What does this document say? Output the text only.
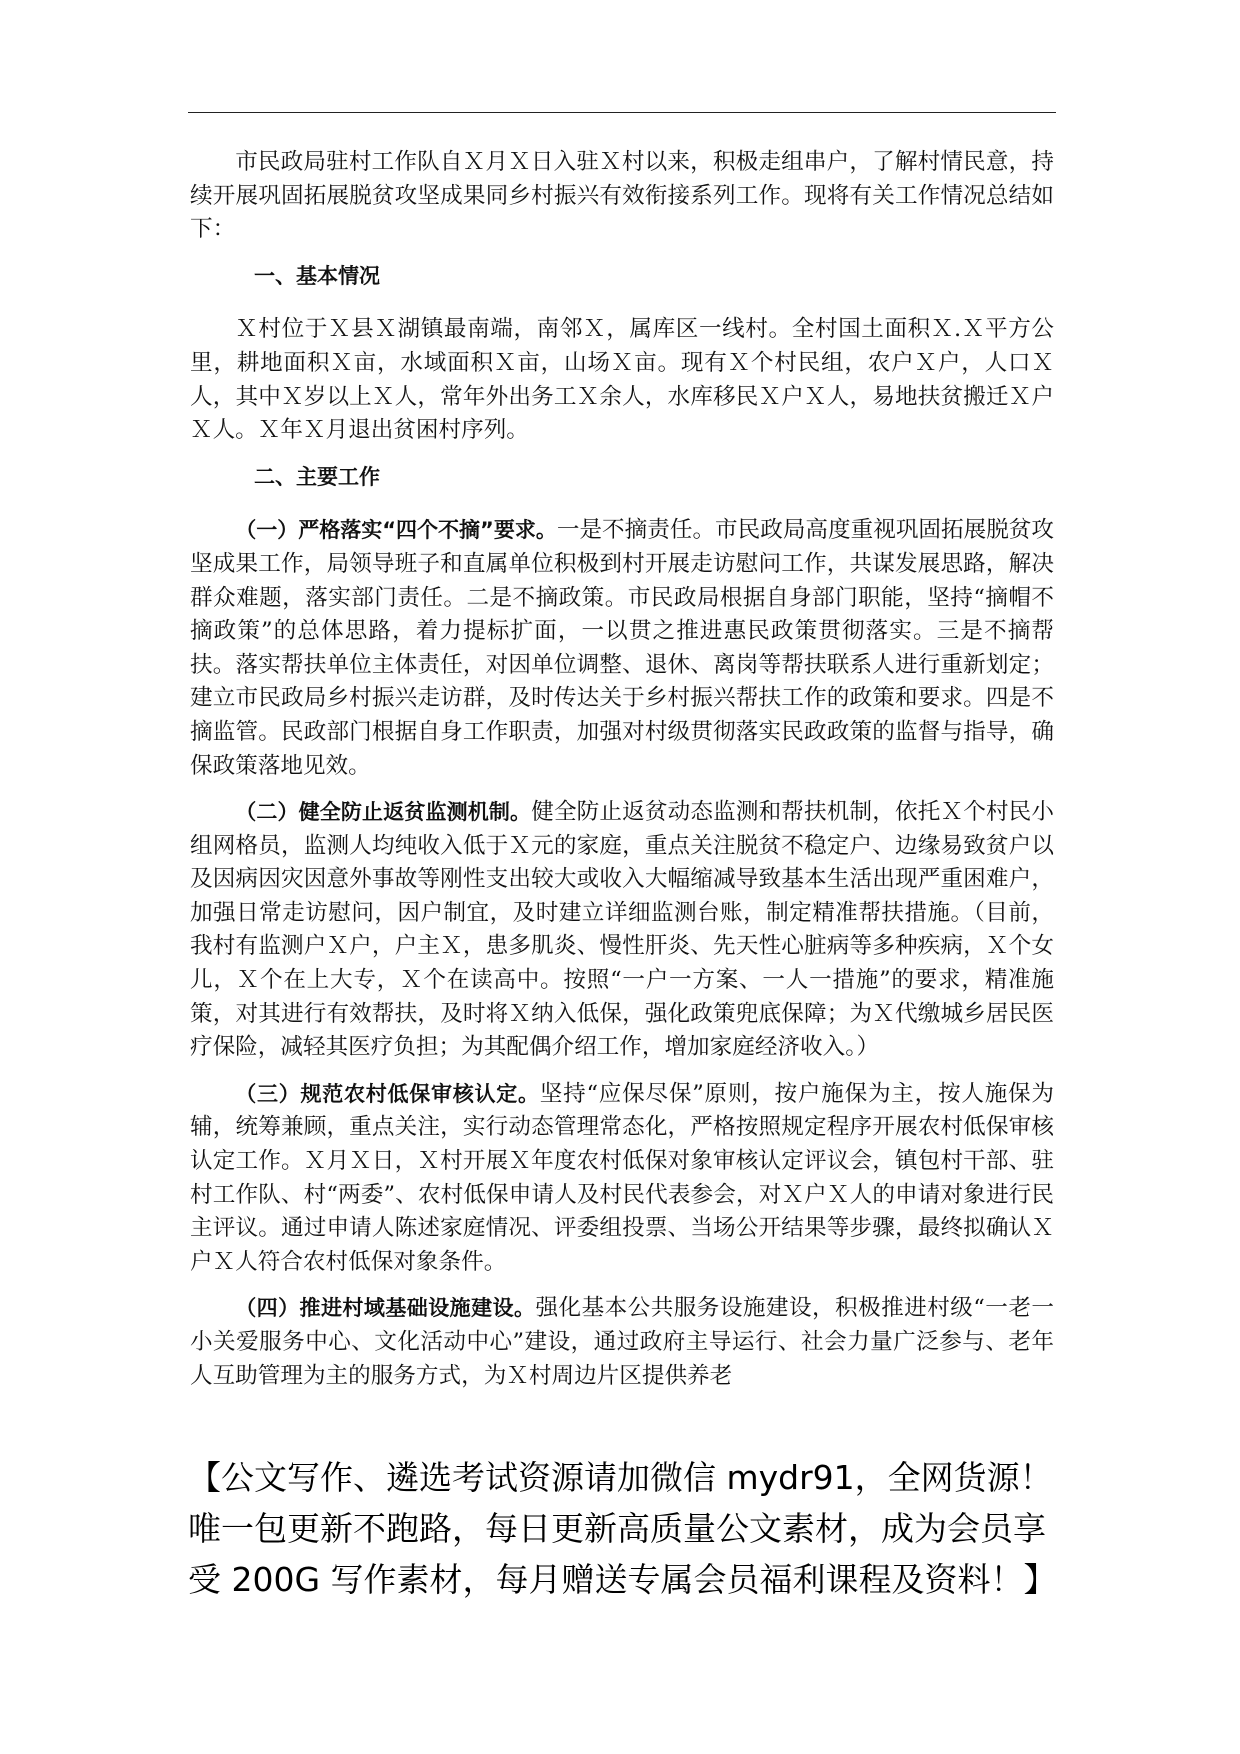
市民政局驻村工作队自Ｘ月Ｘ日入驻Ｘ村以来，积极走组串户，了解村情民意，持续开展巩固拓展脱贫攻坚成果同乡村振兴有效衔接系列工作。现将有关工作情况总结如下：

一、基本情况

Ｘ村位于Ｘ县Ｘ湖镇最南端，南邻Ｘ，属库区一线村。全村国土面积Ｘ.Ｘ平方公里，耕地面积Ｘ亩，水域面积Ｘ亩，山场Ｘ亩。现有Ｘ个村民组，农户Ｘ户，人口Ｘ人，其中Ｘ岁以上Ｘ人，常年外出务工Ｘ余人，水库移民Ｘ户Ｘ人，易地扶贫搬迁Ｘ户Ｘ人。Ｘ年Ｘ月退出贫困村序列。

二、主要工作

（一）严格落实“四个不摘”要求。一是不摘责任。市民政局高度重视巩固拓展脱贫攻坚成果工作，局领导班子和直属单位积极到村开展走访慰问工作，共谋发展思路，解决群众难题，落实部门责任。二是不摘政策。市民政局根据自身部门职能，坚持“摘帽不摘政策”的总体思路，着力提标扩面，一以贯之推进惠民政策贯彻落实。三是不摘帮扶。落实帮扶单位主体责任，对因单位调整、退休、离岗等帮扶联系人进行重新划定；建立市民政局乡村振兴走访群，及时传达关于乡村振兴帮扶工作的政策和要求。四是不摘监管。民政部门根据自身工作职责，加强对村级贯彻落实民政政策的监督与指导，确保政策落地见效。

（二）健全防止返贫监测机制。健全防止返贫动态监测和帮扶机制，依托Ｘ个村民小组网格员，监测人均纯收入低于Ｘ元的家庭，重点关注脱贫不稳定户、边缘易致贫户以及因病因灾因意外事故等刚性支出较大或收入大幅缩减导致基本生活出现严重困难户，加强日常走访慰问，因户制宜，及时建立详细监测台账，制定精准帮扶措施。（目前，我村有监测户Ｘ户，户主Ｘ，患多肌炎、慢性肝炎、先天性心脏病等多种疾病，Ｘ个女儿，Ｘ个在上大专，Ｘ个在读高中。按照“一户一方案、一人一措施”的要求，精准施策，对其进行有效帮扶，及时将Ｘ纳入低保，强化政策兜底保障；为Ｘ代缴城乡居民医疗保险，减轻其医疗负担；为其配偶介绍工作，增加家庭经济收入。）

（三）规范农村低保审核认定。坚持“应保尽保”原则，按户施保为主，按人施保为辅，统筹兼顾，重点关注，实行动态管理常态化，严格按照规定程序开展农村低保审核认定工作。Ｘ月Ｘ日，Ｘ村开展Ｘ年度农村低保对象审核认定评议会，镇包村干部、驻村工作队、村“两委”、农村低保申请人及村民代表参会，对Ｘ户Ｘ人的申请对象进行民主评议。通过申请人陈述家庭情况、评委组投票、当场公开结果等步骤，最终拟确认Ｘ户Ｘ人符合农村低保对象条件。

（四）推进村域基础设施建设。强化基本公共服务设施建设，积极推进村级“一老一小关爱服务中心、文化活动中心”建设，通过政府主导运行、社会力量广泛参与、老年人互助管理为主的服务方式，为Ｘ村周边片区提供养老

【公文写作、遴选考试资源请加微信 mydr91，全网货源！唯一包更新不跑路，每日更新高质量公文素材，成为会员享受 200G 写作素材，每月赠送专属会员福利课程及资料！】
